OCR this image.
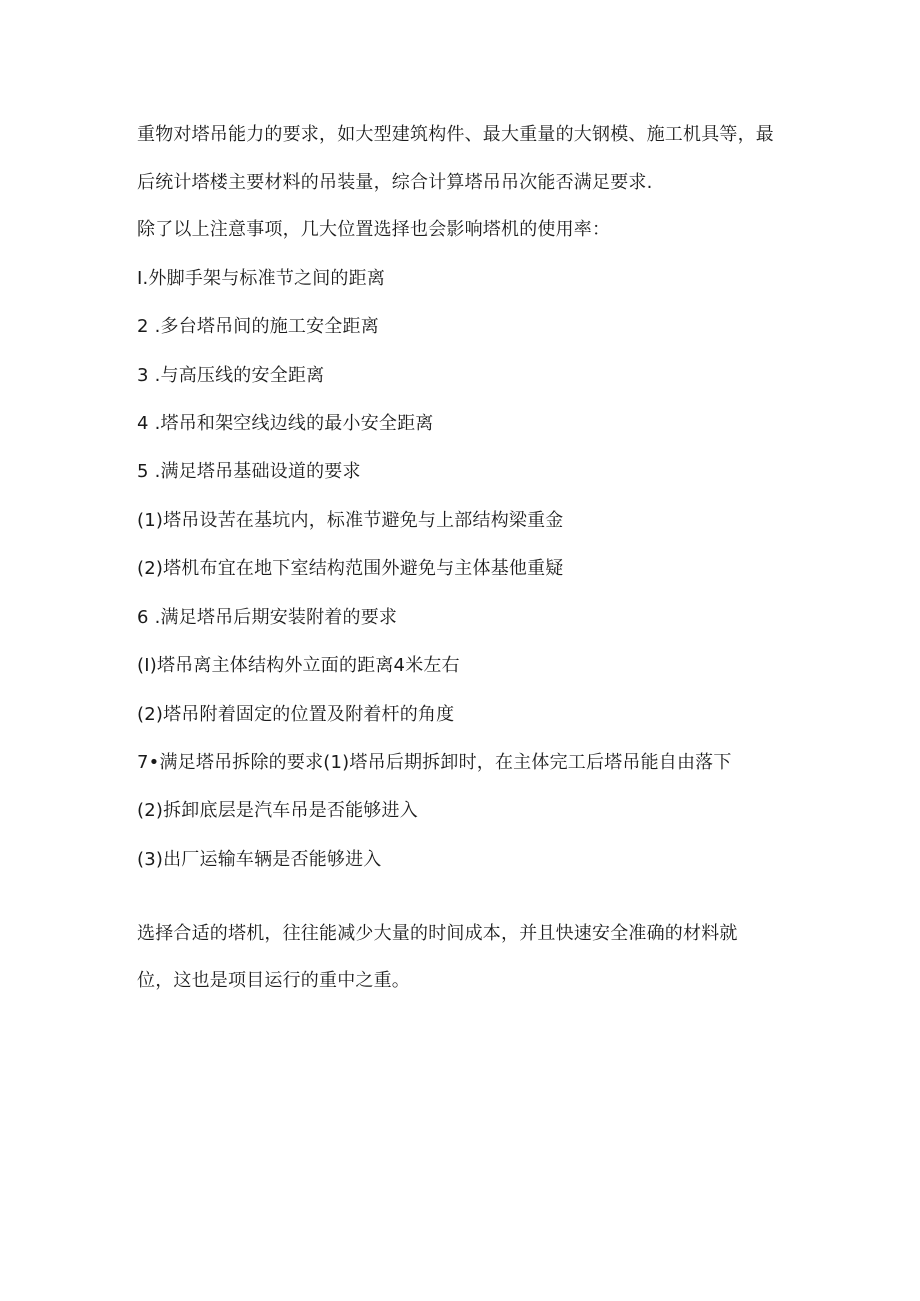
重物对塔吊能力的要求，如大型建筑构件、最大重量的大钢模、施工机具等，最
后统计塔楼主要材料的吊装量，综合计算塔吊吊次能否满足要求.
除了以上注意事项，几大位置选择也会影响塔机的使用率：
I.外脚手架与标准节之间的距离
2 .多台塔吊间的施工安全距离
3 .与高压线的安全距离
4 .塔吊和架空线边线的最小安全距离
5 .满足塔吊基础设道的要求
(1)塔吊设苦在基坑内，标准节避免与上部结构梁重金
(2)塔机布宜在地下室结构范围外避免与主体基他重疑
6 .满足塔吊后期安装附着的要求
(I)塔吊离主体结构外立面的距离4米左右
(2)塔吊附着固定的位置及附着杆的角度
7•满足塔吊拆除的要求(1)塔吊后期拆卸时，在主体完工后塔吊能自由落下
(2)拆卸底层是汽车吊是否能够进入
(3)出厂运输车辆是否能够进入
选择合适的塔机，往往能减少大量的时间成本，并且快速安全准确的材料就
位，这也是项目运行的重中之重。
